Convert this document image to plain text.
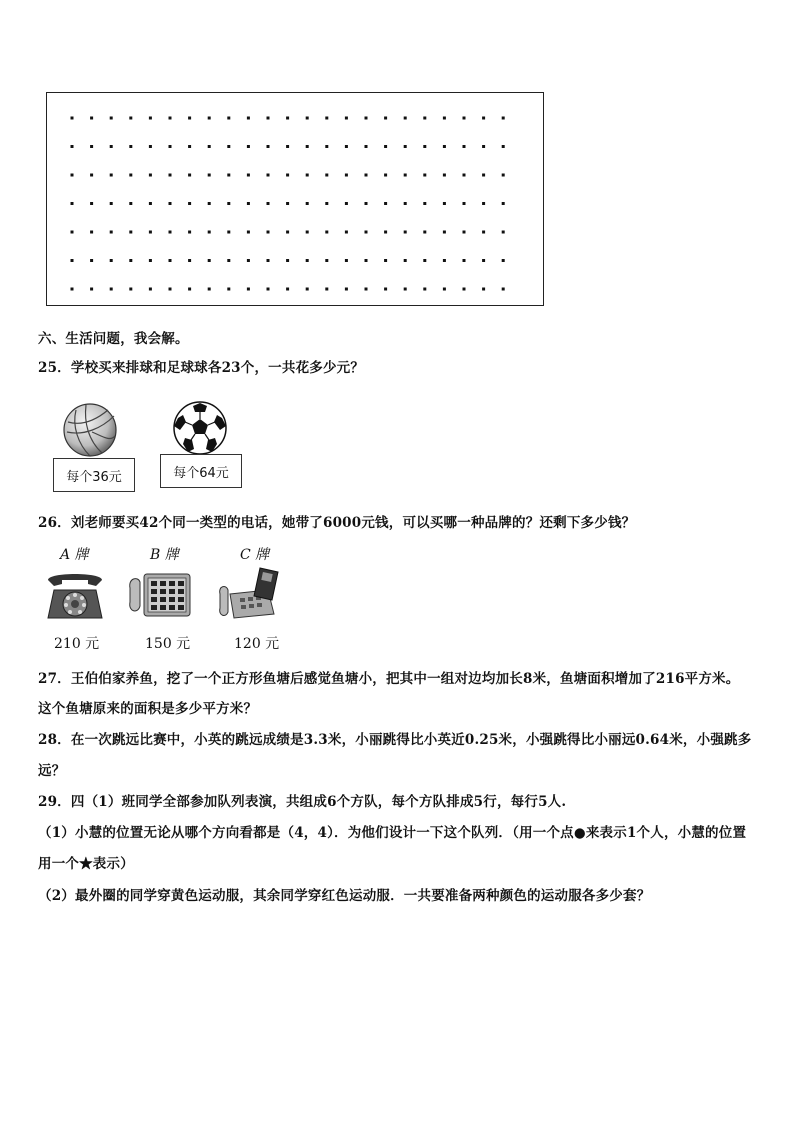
六、生活问题，我会解。
25．学校买来排球和足球球各23个，一共花多少元？
每个36元	每个64元
26．刘老师要买42个同一类型的电话，她带了6000元钱，可以买哪一种品牌的？还剩下多少钱？
A 牌	B 牌	C 牌
210 元	150 元	120 元
27．王伯伯家养鱼，挖了一个正方形鱼塘后感觉鱼塘小，把其中一组对边均加长8米，鱼塘面积增加了216平方米。
这个鱼塘原来的面积是多少平方米？
28．在一次跳远比赛中，小英的跳远成绩是3.3米，小丽跳得比小英近0.25米，小强跳得比小丽远0.64米，小强跳多
远？
29．四（1）班同学全部参加队列表演，共组成6个方队，每个方队排成5行，每行5人.
（1）小慧的位置无论从哪个方向看都是（4，4）．为他们设计一下这个队列．（用一个点●来表示1个人，小慧的位置
用一个★表示）
（2）最外圈的同学穿黄色运动服，其余同学穿红色运动服．一共要准备两种颜色的运动服各多少套？
